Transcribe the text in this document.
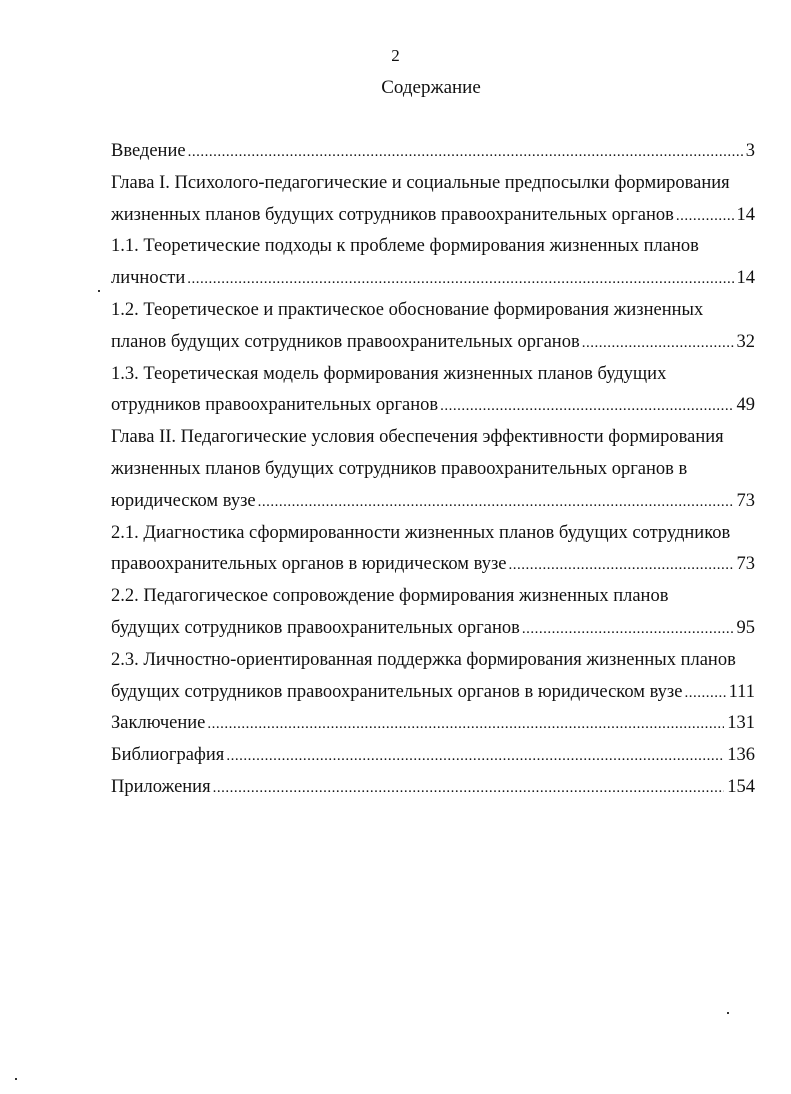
2
Содержание
Введение .....	3
Глава I. Психолого-педагогические и социальные предпосылки формирования
жизненных планов будущих сотрудников правоохранительных органов .....	14
1.1. Теоретические подходы к проблеме формирования жизненных планов
личности .....	14
1.2. Теоретическое и практическое обоснование формирования жизненных
планов будущих сотрудников правоохранительных органов .....	32
1.3. Теоретическая модель формирования жизненных планов будущих
отрудников правоохранительных органов .....	49
Глава II. Педагогические условия обеспечения эффективности формирования
жизненных планов будущих сотрудников правоохранительных органов в
юридическом вузе .....	73
2.1. Диагностика сформированности жизненных планов будущих сотрудников
правоохранительных органов в юридическом вузе .....	73
2.2. Педагогическое сопровождение формирования жизненных планов
будущих сотрудников правоохранительных органов .....	95
2.3. Личностно-ориентированная поддержка формирования жизненных планов
будущих сотрудников правоохранительных органов в юридическом вузе ..... 111
Заключение .....	131
Библиография .....	136
Приложения .....	154
